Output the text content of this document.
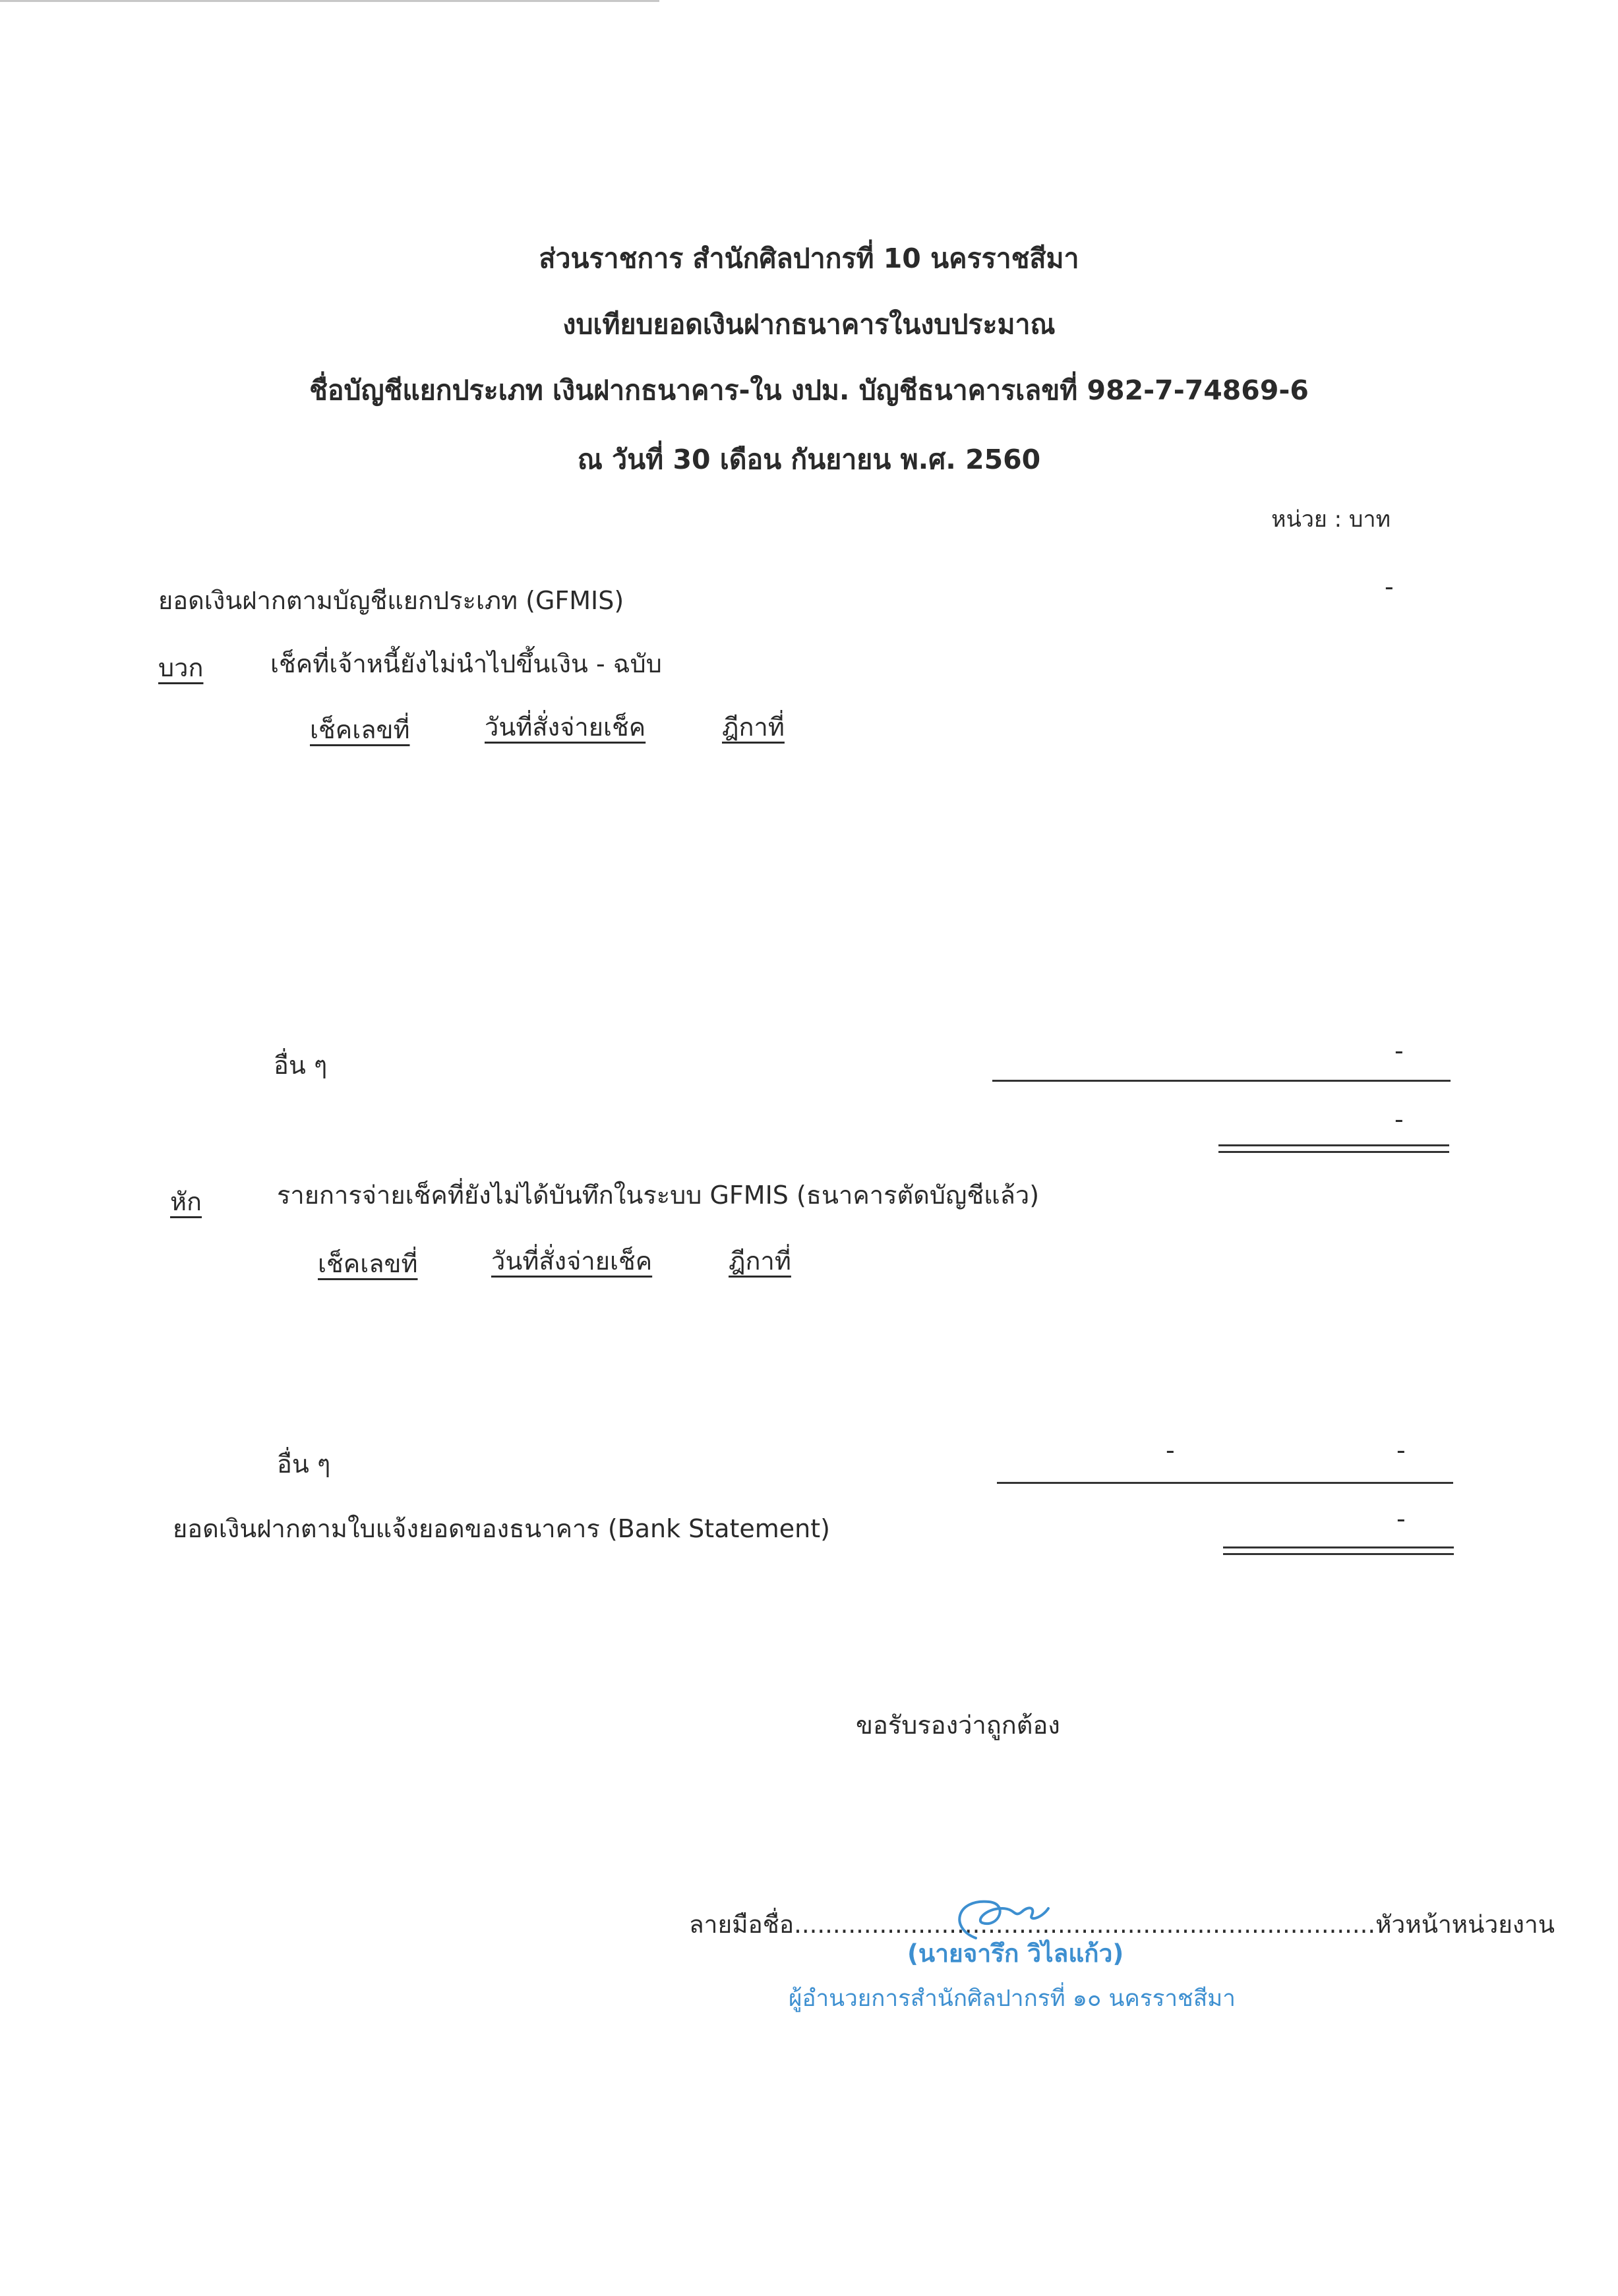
ส่วนราชการ สำนักศิลปากรที่ 10 นครราชสีมา
งบเทียบยอดเงินฝากธนาคารในงบประมาณ
ชื่อบัญชีแยกประเภท เงินฝากธนาคาร-ใน งปม. บัญชีธนาคารเลขที่ 982-7-74869-6
ณ วันที่ 30 เดือน กันยายน พ.ศ. 2560
หน่วย : บาท
ยอดเงินฝากตามบัญชีแยกประเภท (GFMIS)	-
บวก	เช็คที่เจ้าหนี้ยังไม่นำไปขึ้นเงิน - ฉบับ
เช็คเลขที่	วันที่สั่งจ่ายเช็ค	ฎีกาที่
อื่น ๆ	-
-
หัก	รายการจ่ายเช็คที่ยังไม่ได้บันทึกในระบบ GFMIS (ธนาคารตัดบัญชีแล้ว)
เช็คเลขที่	วันที่สั่งจ่ายเช็ค	ฎีกาที่
อื่น ๆ	-	-
ยอดเงินฝากตามใบแจ้งยอดของธนาคาร (Bank Statement)	-
ขอรับรองว่าถูกต้อง
ลายมือชื่อ...........................................................................หัวหน้าหน่วยงาน
(นายจารึก วิไลแก้ว)
ผู้อำนวยการสำนักศิลปากรที่ ๑๐ นครราชสีมา
